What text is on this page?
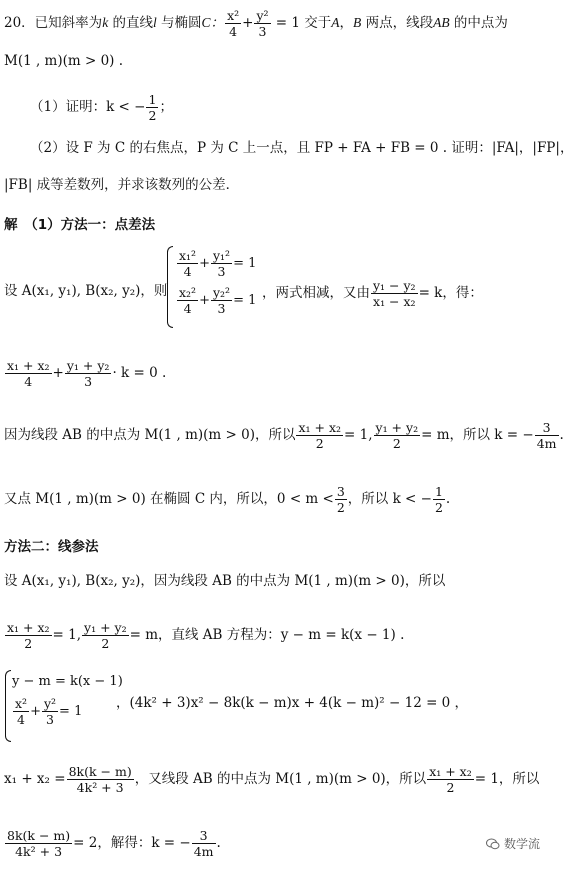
20．已知斜率为k 的直线l 与椭圆C： $\frac{\text{x²}}{4} + \frac{\text{y²}}{3} = 1$ 交于A，B 两点，线段AB 的中点为
M(1 , m)(m > 0) .
（1）证明：k < − $\frac{1}{2}$ ；
（2）设 F 为 C 的右焦点，P 为 C 上一点，且 FP + FA + FB = 0 . 证明：|FA|，|FP|，
|FB| 成等差数列，并求该数列的公差．
解　（1）方法一：点差法
设 A(x₁, y₁), B(x₂, y₂)，则
$\frac{\text{x₁²}}{4} + \frac{\text{y₁²}}{3} = 1$
$\frac{\text{x₂²}}{4} + \frac{\text{y₂²}}{3} = 1$ ，两式相减，又由 $\frac{\text{y₁ − y₂}}{\text{x₁ − x₂}} = k$，得：
$\frac{\text{x₁ + x₂}}{4} + \frac{\text{y₁ + y₂}}{3} \cdot k = 0$ .
因为线段 AB 的中点为 M(1 , m)(m > 0)，所以 $\frac{\text{x₁ + x₂}}{2} = 1$, $\frac{\text{y₁ + y₂}}{2} = m$，所以 k = − $\frac{3}{4m}$ .
又点 M(1 , m)(m > 0) 在椭圆 C 内，所以，$0 < m < \frac{3}{2}$ ，所以 k < − $\frac{1}{2}$ .
方法二：线参法
设 A(x₁, y₁), B(x₂, y₂)，因为线段 AB 的中点为 M(1 , m)(m > 0)，所以
$\frac{\text{x₁ + x₂}}{2} = 1$, $\frac{\text{y₁ + y₂}}{2} = m$，直线 AB 方程为：y − m = k(x − 1) .
y − m = k(x − 1)
$\frac{\text{x²}}{4} + \frac{\text{y²}}{3} = 1$
，(4k² + 3)x² − 8k(k − m)x + 4(k − m)² − 12 = 0 ，
$x_1 + x_2 = \frac{8k(k - m)}{\text{4k² + 3}}$ ，又线段 AB 的中点为 M(1 , m)(m > 0)，所以 $\frac{\text{x₁ + x₂}}{2} = 1$，所以
$\frac{8k(k - m)}{\text{4k² + 3}} = 2$，解得：k = − $\frac{3}{4m}$ .	数学流
